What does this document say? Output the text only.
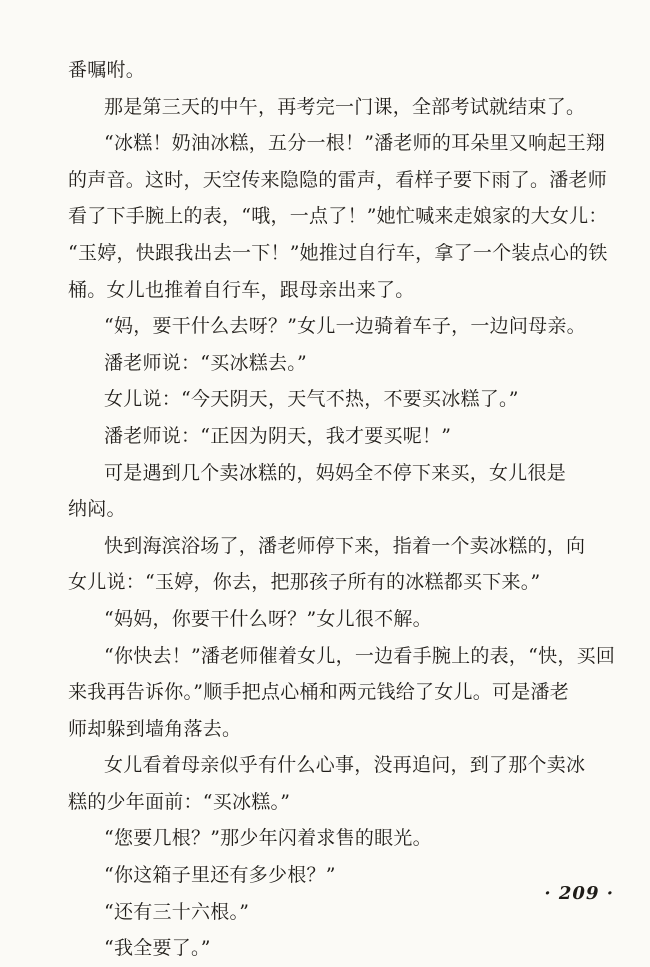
番嘱咐。
那是第三天的中午，再考完一门课，全部考试就结束了。
“冰糕！奶油冰糕，五分一根！”潘老师的耳朵里又响起王翔
的声音。这时，天空传来隐隐的雷声，看样子要下雨了。潘老师
看了下手腕上的表，“哦，一点了！”她忙喊来走娘家的大女儿：
“玉婷，快跟我出去一下！”她推过自行车，拿了一个装点心的铁
桶。女儿也推着自行车，跟母亲出来了。
“妈，要干什么去呀？”女儿一边骑着车子，一边问母亲。
潘老师说：“买冰糕去。”
女儿说：“今天阴天，天气不热，不要买冰糕了。”
潘老师说：“正因为阴天，我才要买呢！”
可是遇到几个卖冰糕的，妈妈全不停下来买，女儿很是
纳闷。
快到海滨浴场了，潘老师停下来，指着一个卖冰糕的，向
女儿说：“玉婷，你去，把那孩子所有的冰糕都买下来。”
“妈妈，你要干什么呀？”女儿很不解。
“你快去！”潘老师催着女儿，一边看手腕上的表，“快，买回
来我再告诉你。”顺手把点心桶和两元钱给了女儿。可是潘老
师却躲到墙角落去。
女儿看着母亲似乎有什么心事，没再追问，到了那个卖冰
糕的少年面前：“买冰糕。”
“您要几根？”那少年闪着求售的眼光。
“你这箱子里还有多少根？”
“还有三十六根。”
“我全要了。”
· 209 ·
